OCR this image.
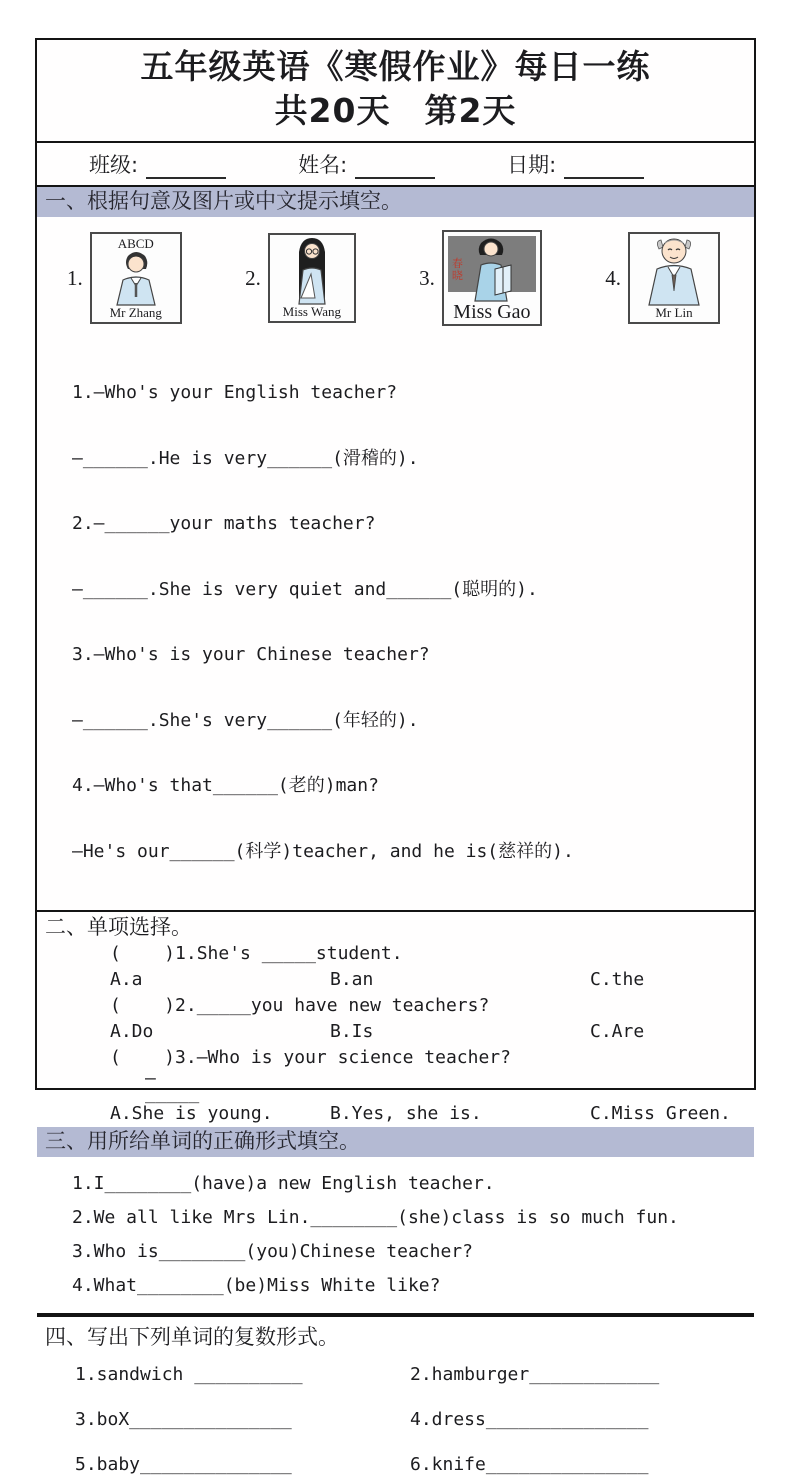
五年级英语《寒假作业》每日一练
共20天　第2天
班级:	姓名:	日期:
一、根据句意及图片或中文提示填空。
1.
ABCD
Mr Zhang
2.
Miss Wang
3.
春晓
Miss Gao
4.
Mr Lin

1.—Who's your English teacher?

—______.He is very______(滑稽的).

2.—______your maths teacher?

—______.She is very quiet and______(聪明的).

3.—Who's is your Chinese teacher?

—______.She's very______(年轻的).

4.—Who's that______(老的)man?

—He's our______(科学)teacher, and he is(慈祥的).

二、单项选择。
(    )1.She's _____student.
A.a	B.an	C.the
(    )2._____you have new teachers?
A.Do	B.Is	C.Are
(    )3.—Who is your science teacher?
—
_____
A.She is young.	B.Yes, she is.	C.Miss Green.
三、用所给单词的正确形式填空。
1.I________(have)a new English teacher.
2.We all like Mrs Lin.________(she)class is so much fun.
3.Who is________(you)Chinese teacher?
4.What________(be)Miss White like?
四、写出下列单词的复数形式。
1.sandwich __________	2.hamburger____________
3.boX_______________	4.dress_______________
5.baby______________	6.knife_______________
